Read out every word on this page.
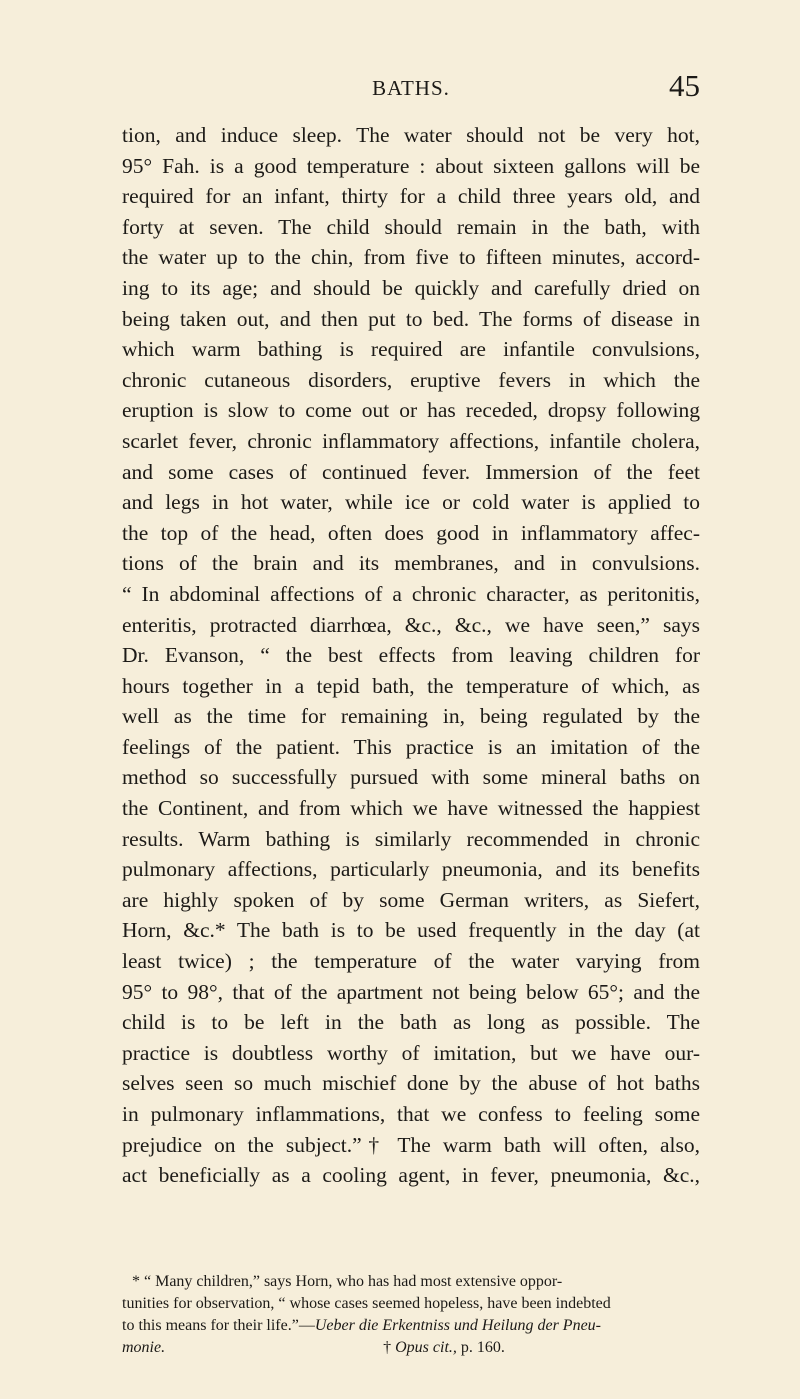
BATHS.	45
tion, and induce sleep. The water should not be very hot,
95° Fah. is a good temperature : about sixteen gallons will be
required for an infant, thirty for a child three years old, and
forty at seven. The child should remain in the bath, with
the water up to the chin, from five to fifteen minutes, accord-
ing to its age; and should be quickly and carefully dried on
being taken out, and then put to bed. The forms of disease in
which warm bathing is required are infantile convulsions,
chronic cutaneous disorders, eruptive fevers in which the
eruption is slow to come out or has receded, dropsy following
scarlet fever, chronic inflammatory affections, infantile cholera,
and some cases of continued fever. Immersion of the feet
and legs in hot water, while ice or cold water is applied to
the top of the head, often does good in inflammatory affec-
tions of the brain and its membranes, and in convulsions.
“ In abdominal affections of a chronic character, as peritonitis,
enteritis, protracted diarrhœa, &c., &c., we have seen,” says
Dr. Evanson, “ the best effects from leaving children for
hours together in a tepid bath, the temperature of which, as
well as the time for remaining in, being regulated by the
feelings of the patient. This practice is an imitation of the
method so successfully pursued with some mineral baths on
the Continent, and from which we have witnessed the happiest
results. Warm bathing is similarly recommended in chronic
pulmonary affections, particularly pneumonia, and its benefits
are highly spoken of by some German writers, as Siefert,
Horn, &c.* The bath is to be used frequently in the day (at
least twice) ; the temperature of the water varying from
95° to 98°, that of the apartment not being below 65°; and the
child is to be left in the bath as long as possible. The
practice is doubtless worthy of imitation, but we have our-
selves seen so much mischief done by the abuse of hot baths
in pulmonary inflammations, that we confess to feeling some
prejudice on the subject.”† The warm bath will often, also,
act beneficially as a cooling agent, in fever, pneumonia, &c.,
* “ Many children,” says Horn, who has had most extensive oppor-
tunities for observation, “ whose cases seemed hopeless, have been indebted
to this means for their life.”—Ueber die Erkentniss und Heilung der Pneu-
monie.	† Opus cit., p. 160.
